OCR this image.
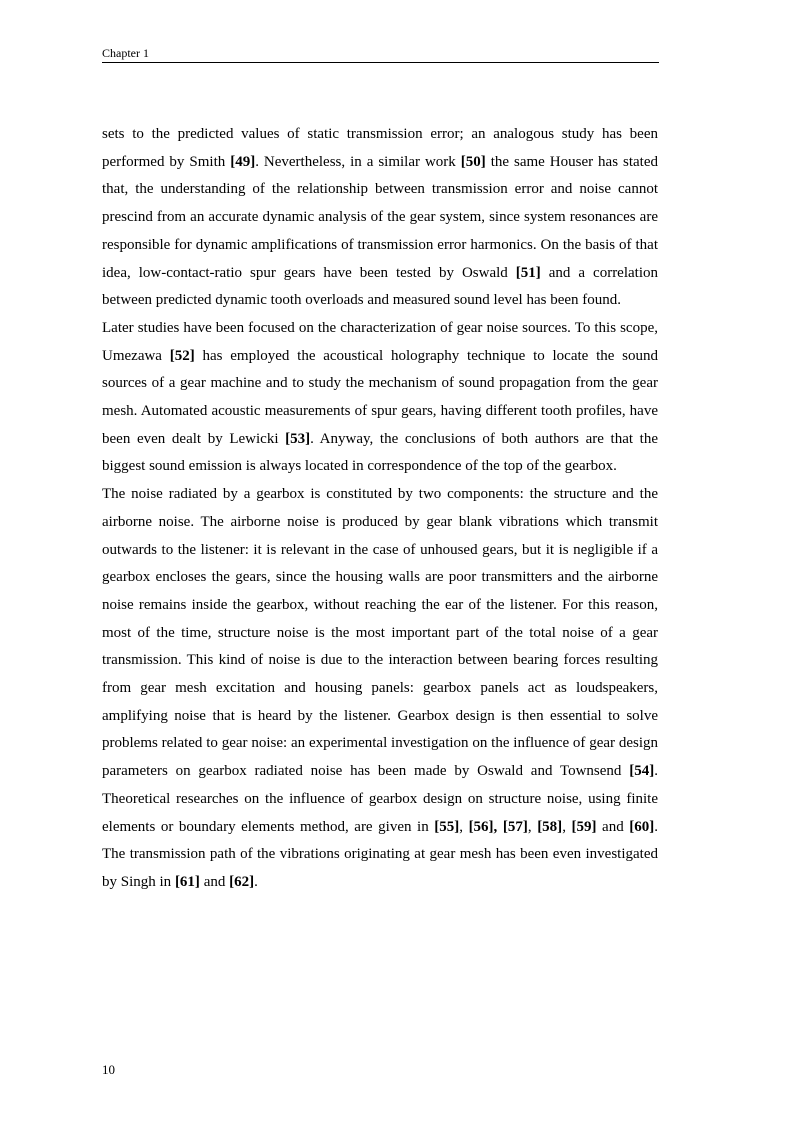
Chapter 1

sets to the predicted values of static transmission error; an analogous study has been performed by Smith [49]. Nevertheless, in a similar work [50] the same Houser has stated that, the understanding of the relationship between transmission error and noise cannot prescind from an accurate dynamic analysis of the gear system, since system resonances are responsible for dynamic amplifications of transmission error harmonics. On the basis of that idea, low-contact-ratio spur gears have been tested by Oswald [51] and a correlation between predicted dynamic tooth overloads and measured sound level has been found.

Later studies have been focused on the characterization of gear noise sources. To this scope, Umezawa [52] has employed the acoustical holography technique to locate the sound sources of a gear machine and to study the mechanism of sound propagation from the gear mesh. Automated acoustic measurements of spur gears, having different tooth profiles, have been even dealt by Lewicki [53]. Anyway, the conclusions of both authors are that the biggest sound emission is always located in correspondence of the top of the gearbox.

The noise radiated by a gearbox is constituted by two components: the structure and the airborne noise. The airborne noise is produced by gear blank vibrations which transmit outwards to the listener: it is relevant in the case of unhoused gears, but it is negligible if a gearbox encloses the gears, since the housing walls are poor transmitters and the airborne noise remains inside the gearbox, without reaching the ear of the listener. For this reason, most of the time, structure noise is the most important part of the total noise of a gear transmission. This kind of noise is due to the interaction between bearing forces resulting from gear mesh excitation and housing panels: gearbox panels act as loudspeakers, amplifying noise that is heard by the listener. Gearbox design is then essential to solve problems related to gear noise: an experimental investigation on the influence of gear design parameters on gearbox radiated noise has been made by Oswald and Townsend [54]. Theoretical researches on the influence of gearbox design on structure noise, using finite elements or boundary elements method, are given in [55], [56], [57], [58], [59] and [60]. The transmission path of the vibrations originating at gear mesh has been even investigated by Singh in [61] and [62].

10
